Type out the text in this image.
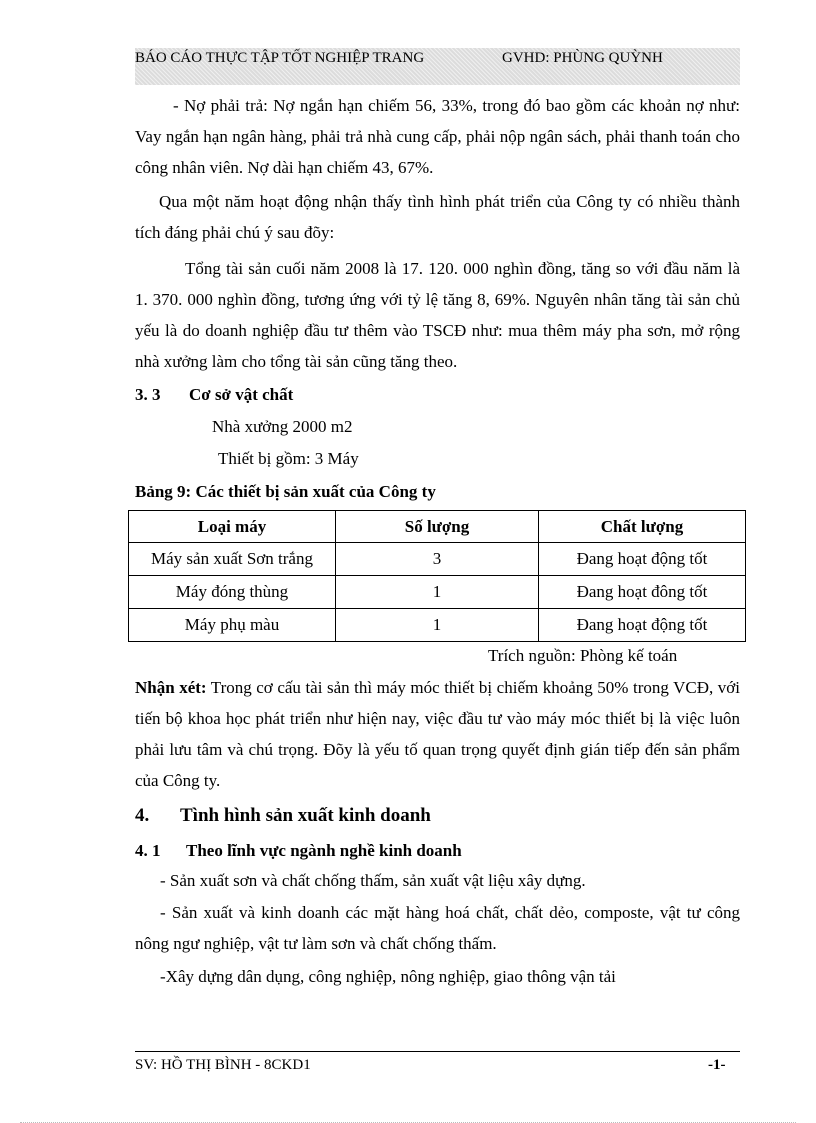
BÁO CÁO THỰC TẬP TỐT NGHIỆP TRANG	GVHD: PHÙNG QUỲNH

- Nợ phải trả: Nợ ngắn hạn chiếm 56, 33%, trong đó bao gồm các khoản nợ như: Vay ngắn hạn ngân hàng, phải trả nhà cung cấp, phải nộp ngân sách, phải thanh toán cho công nhân viên. Nợ dài hạn chiếm 43, 67%.

Qua một năm hoạt động nhận thấy tình hình phát triển của Công ty có nhiều thành tích đáng phải chú ý sau đõy:

Tổng tài sản cuối năm 2008 là 17. 120. 000 nghìn đồng, tăng so với đầu năm là 1. 370. 000 nghìn đồng, tương ứng với tỷ lệ tăng 8, 69%. Nguyên nhân tăng tài sản chủ yếu là do doanh nghiệp đầu tư thêm vào TSCĐ như: mua thêm máy pha sơn, mở rộng nhà xưởng làm cho tổng tài sản cũng tăng theo.

3. 3 Cơ sở vật chất
Nhà xưởng 2000 m2
Thiết bị gồm: 3 Máy
Bảng 9: Các thiết bị sản xuất của Công ty
Loại máy	Số lượng	Chất lượng
Máy sản xuất Sơn trắng	3	Đang hoạt động tốt
Máy đóng thùng	1	Đang hoạt đông tốt
Máy phụ màu	1	Đang hoạt động tốt
Trích nguồn: Phòng kế toán

Nhận xét: Trong cơ cấu tài sản thì máy móc thiết bị chiếm khoảng 50% trong VCĐ, với tiến bộ khoa học phát triển như hiện nay, việc đầu tư vào máy móc thiết bị là việc luôn phải lưu tâm và chú trọng. Đõy là yếu tố quan trọng quyết định gián tiếp đến sản phẩm của Công ty.

4. Tình hình sản xuất kinh doanh
4. 1 Theo lĩnh vực ngành nghề kinh doanh
- Sản xuất sơn và chất chống thấm, sản xuất vật liệu xây dựng.

- Sản xuất và kinh doanh các mặt hàng hoá chất, chất dẻo, composte, vật tư công nông ngư nghiệp, vật tư làm sơn và chất chống thấm.

-Xây dựng dân dụng, công nghiệp, nông nghiệp, giao thông vận tải
SV: HỒ THỊ BÌNH - 8CKD1	-1-
